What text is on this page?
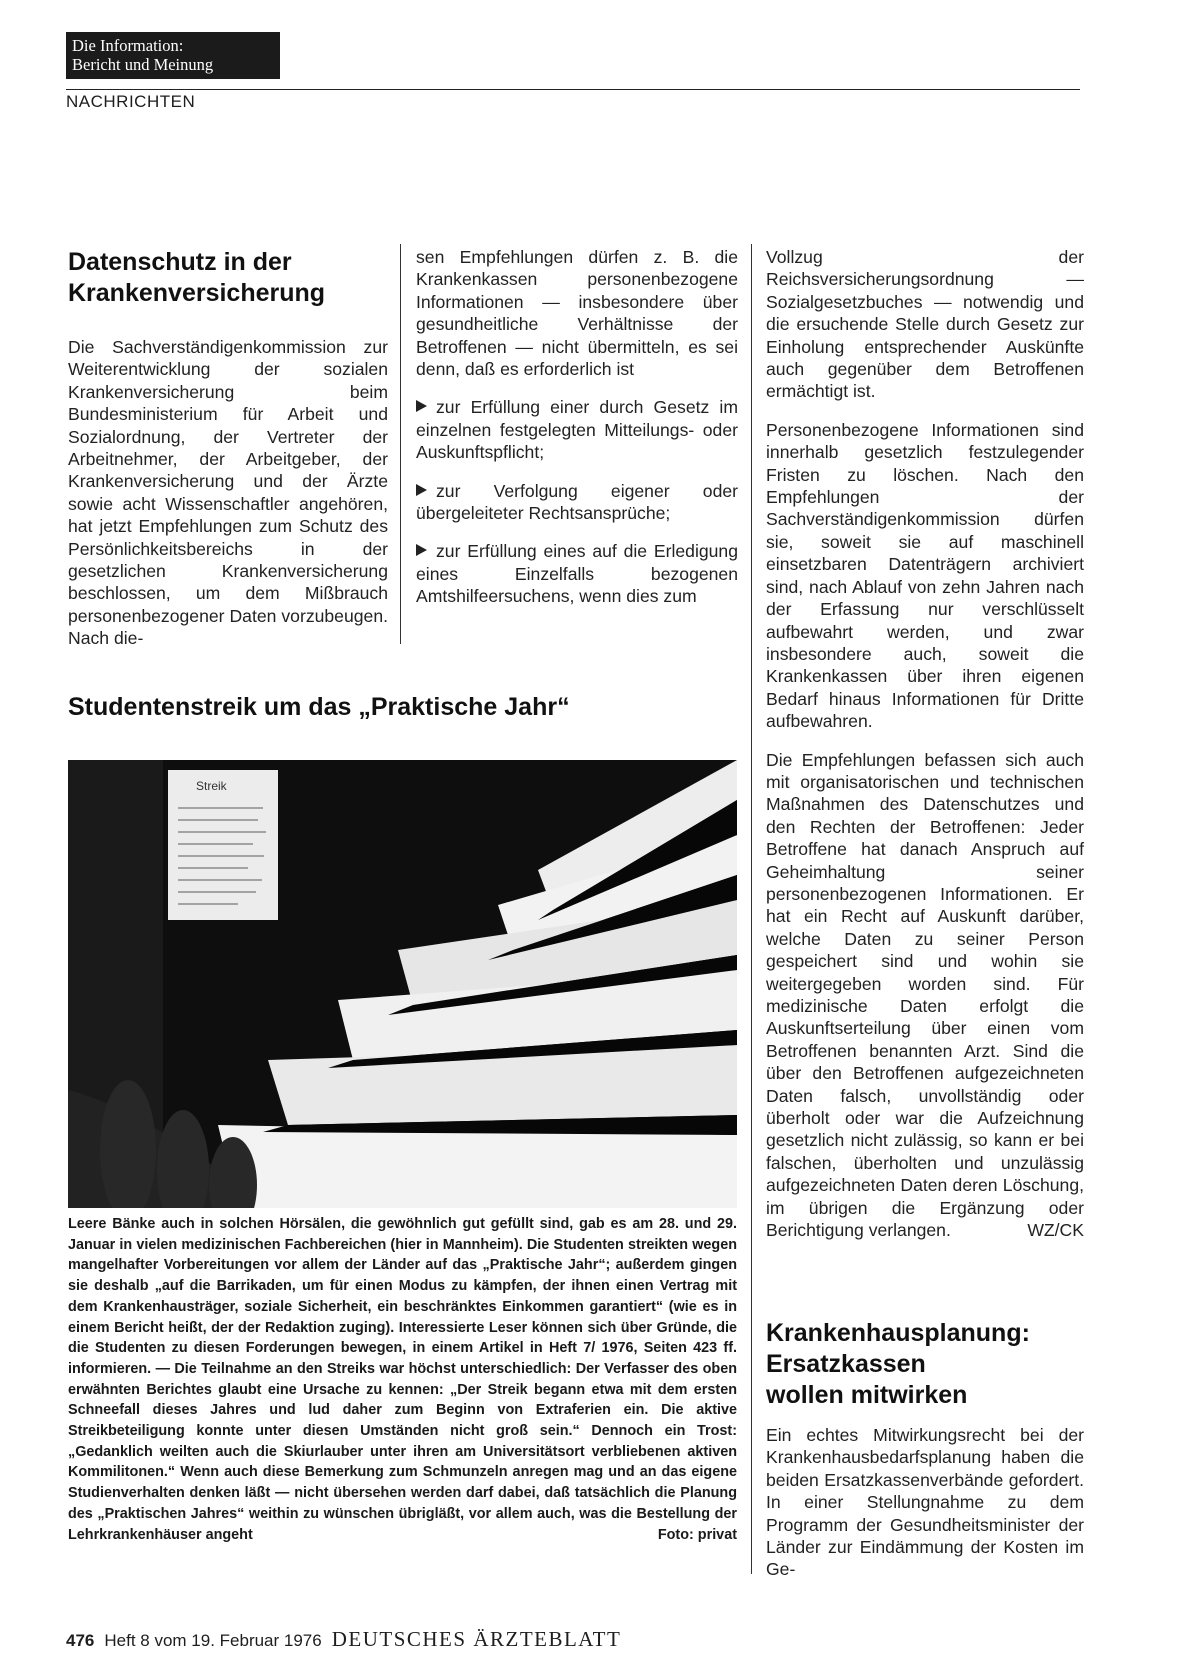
Die Information:
Bericht und Meinung
NACHRICHTEN
Datenschutz in der
Krankenversicherung

Die Sachverständigenkommission zur Weiterentwicklung der sozialen Krankenversicherung beim Bundesministerium für Arbeit und Sozialordnung, der Vertreter der Arbeitnehmer, der Arbeitgeber, der Krankenversicherung und der Ärzte sowie acht Wissenschaftler angehören, hat jetzt Empfehlungen zum Schutz des Persönlichkeitsbereichs in der gesetzlichen Krankenversicherung beschlossen, um dem Mißbrauch personenbezogener Daten vorzubeugen. Nach die-

sen Empfehlungen dürfen z. B. die Krankenkassen personenbezogene Informationen — insbesondere über gesundheitliche Verhältnisse der Betroffenen — nicht übermitteln, es sei denn, daß es erforderlich ist

zur Erfüllung einer durch Gesetz im einzelnen festgelegten Mitteilungs- oder Auskunftspflicht;

zur Verfolgung eigener oder übergeleiteter Rechtsansprüche;

zur Erfüllung eines auf die Erledigung eines Einzelfalls bezogenen Amtshilfeersuchens, wenn dies zum

Vollzug der Reichsversicherungsordnung — Sozialgesetzbuches — notwendig und die ersuchende Stelle durch Gesetz zur Einholung entsprechender Auskünfte auch gegenüber dem Betroffenen ermächtigt ist.

Personenbezogene Informationen sind innerhalb gesetzlich festzulegender Fristen zu löschen. Nach den Empfehlungen der Sachverständigenkommission dürfen sie, soweit sie auf maschinell einsetzbaren Datenträgern archiviert sind, nach Ablauf von zehn Jahren nach der Erfassung nur verschlüsselt aufbewahrt werden, und zwar insbesondere auch, soweit die Krankenkassen über ihren eigenen Bedarf hinaus Informationen für Dritte aufbewahren.

Die Empfehlungen befassen sich auch mit organisatorischen und technischen Maßnahmen des Datenschutzes und den Rechten der Betroffenen: Jeder Betroffene hat danach Anspruch auf Geheimhaltung seiner personenbezogenen Informationen. Er hat ein Recht auf Auskunft darüber, welche Daten zu seiner Person gespeichert sind und wohin sie weitergegeben worden sind. Für medizinische Daten erfolgt die Auskunftserteilung über einen vom Betroffenen benannten Arzt. Sind die über den Betroffenen aufgezeichneten Daten falsch, unvollständig oder überholt oder war die Aufzeichnung gesetzlich nicht zulässig, so kann er bei falschen, überholten und unzulässig aufgezeichneten Daten deren Löschung, im übrigen die Ergänzung oder Berichtigung verlangen.	WZ/CK

Studentenstreik um das „Praktische Jahr“
Streik
Leere Bänke auch in solchen Hörsälen, die gewöhnlich gut gefüllt sind, gab es am 28. und 29. Januar in vielen medizinischen Fachbereichen (hier in Mannheim). Die Studenten streikten wegen mangelhafter Vorbereitungen vor allem der Länder auf das „Praktische Jahr“; außerdem gingen sie deshalb „auf die Barrikaden, um für einen Modus zu kämpfen, der ihnen einen Vertrag mit dem Krankenhausträger, soziale Sicherheit, ein beschränktes Einkommen garantiert“ (wie es in einem Bericht heißt, der der Redaktion zuging). Interessierte Leser können sich über Gründe, die die Studenten zu diesen Forderungen bewegen, in einem Artikel in Heft 7/ 1976, Seiten 423 ff. informieren. — Die Teilnahme an den Streiks war höchst unterschiedlich: Der Verfasser des oben erwähnten Berichtes glaubt eine Ursache zu kennen: „Der Streik begann etwa mit dem ersten Schneefall dieses Jahres und lud daher zum Beginn von Extraferien ein. Die aktive Streikbeteiligung konnte unter diesen Umständen nicht groß sein.“ Dennoch ein Trost: „Gedanklich weilten auch die Skiurlauber unter ihren am Universitätsort verbliebenen aktiven Kommilitonen.“ Wenn auch diese Bemerkung zum Schmunzeln anregen mag und an das eigene Studienverhalten denken läßt — nicht übersehen werden darf dabei, daß tatsächlich die Planung des „Praktischen Jahres“ weithin zu wünschen übrigläßt, vor allem auch, was die Bestellung der Lehrkrankenhäuser angeht	Foto: privat
Krankenhausplanung:
Ersatzkassen
wollen mitwirken

Ein echtes Mitwirkungsrecht bei der Krankenhausbedarfsplanung haben die beiden Ersatzkassenverbände gefordert. In einer Stellungnahme zu dem Programm der Gesundheitsminister der Länder zur Eindämmung der Kosten im Ge-

476 Heft 8 vom 19. Februar 1976 DEUTSCHES ÄRZTEBLATT
